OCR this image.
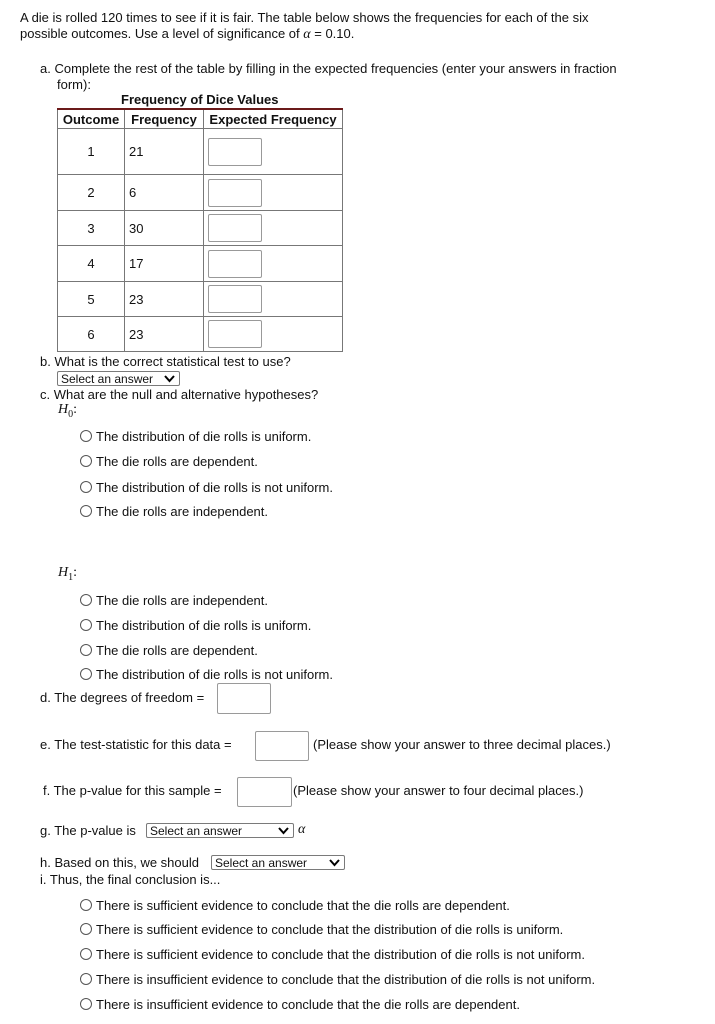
A die is rolled 120 times to see if it is fair. The table below shows the frequencies for each of the six
possible outcomes. Use a level of significance of α = 0.10.
a. Complete the rest of the table by filling in the expected frequencies (enter your answers in fraction
form):
Frequency of Dice Values
Outcome	Frequency	Expected Frequency
1	21	
2	6	
3	30	
4	17	
5	23	
6	23	
b. What is the correct statistical test to use?
Select an answer
c. What are the null and alternative hypotheses?
$H_0$:
The distribution of die rolls is uniform.
The die rolls are dependent.
The distribution of die rolls is not uniform.
The die rolls are independent.
$H_1$:
The die rolls are independent.
The distribution of die rolls is uniform.
The die rolls are dependent.
The distribution of die rolls is not uniform.
d. The degrees of freedom =
e. The test-statistic for this data =	(Please show your answer to three decimal places.)
f. The p-value for this sample =	(Please show your answer to four decimal places.)
g. The p-value is	Select an answer	α
h. Based on this, we should	Select an answer
i. Thus, the final conclusion is...
There is sufficient evidence to conclude that the die rolls are dependent.
There is sufficient evidence to conclude that the distribution of die rolls is uniform.
There is sufficient evidence to conclude that the distribution of die rolls is not uniform.
There is insufficient evidence to conclude that the distribution of die rolls is not uniform.
There is insufficient evidence to conclude that the die rolls are dependent.
